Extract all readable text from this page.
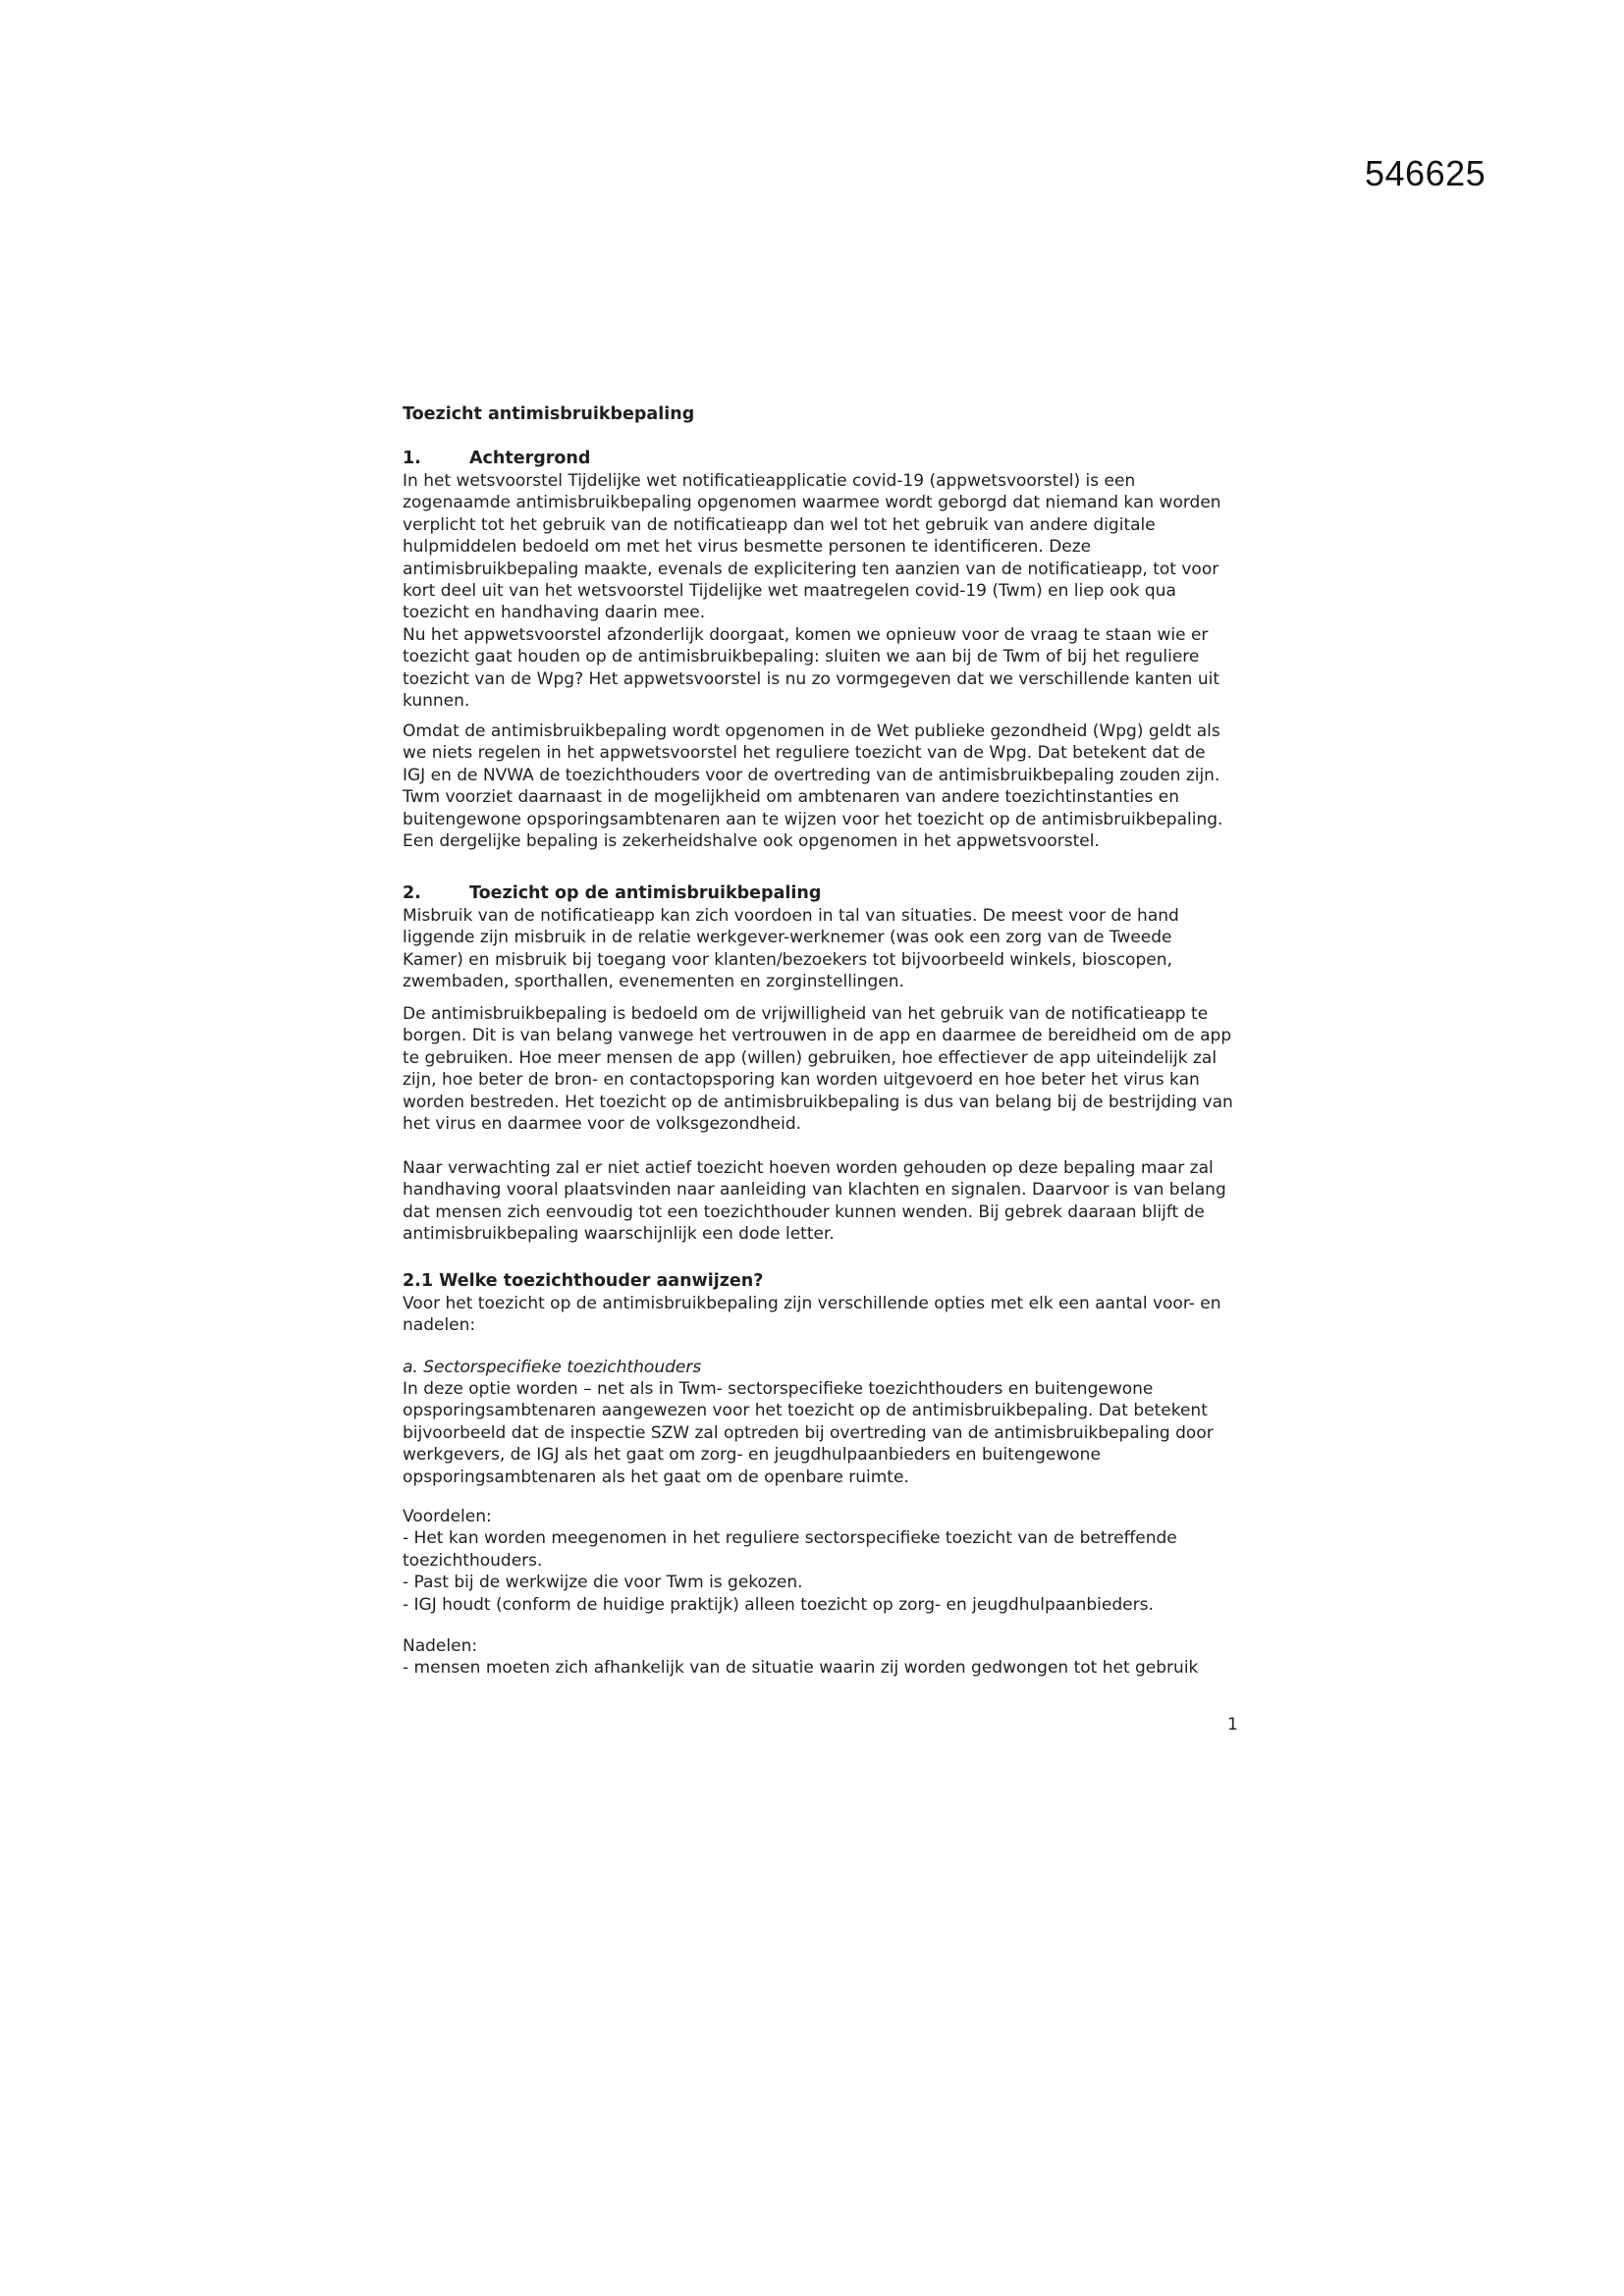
546625
Toezicht antimisbruikbepaling
1.	Achtergrond
In het wetsvoorstel Tijdelijke wet notificatieapplicatie covid-19 (appwetsvoorstel) is een
zogenaamde antimisbruikbepaling opgenomen waarmee wordt geborgd dat niemand kan worden
verplicht tot het gebruik van de notificatieapp dan wel tot het gebruik van andere digitale
hulpmiddelen bedoeld om met het virus besmette personen te identificeren. Deze
antimisbruikbepaling maakte, evenals de explicitering ten aanzien van de notificatieapp, tot voor
kort deel uit van het wetsvoorstel Tijdelijke wet maatregelen covid-19 (Twm) en liep ook qua
toezicht en handhaving daarin mee.
Nu het appwetsvoorstel afzonderlijk doorgaat, komen we opnieuw voor de vraag te staan wie er
toezicht gaat houden op de antimisbruikbepaling: sluiten we aan bij de Twm of bij het reguliere
toezicht van de Wpg? Het appwetsvoorstel is nu zo vormgegeven dat we verschillende kanten uit
kunnen.
Omdat de antimisbruikbepaling wordt opgenomen in de Wet publieke gezondheid (Wpg) geldt als
we niets regelen in het appwetsvoorstel het reguliere toezicht van de Wpg. Dat betekent dat de
IGJ en de NVWA de toezichthouders voor de overtreding van de antimisbruikbepaling zouden zijn.
Twm voorziet daarnaast in de mogelijkheid om ambtenaren van andere toezichtinstanties en
buitengewone opsporingsambtenaren aan te wijzen voor het toezicht op de antimisbruikbepaling.
Een dergelijke bepaling is zekerheidshalve ook opgenomen in het appwetsvoorstel.
2.	Toezicht op de antimisbruikbepaling
Misbruik van de notificatieapp kan zich voordoen in tal van situaties. De meest voor de hand
liggende zijn misbruik in de relatie werkgever-werknemer (was ook een zorg van de Tweede
Kamer) en misbruik bij toegang voor klanten/bezoekers tot bijvoorbeeld winkels, bioscopen,
zwembaden, sporthallen, evenementen en zorginstellingen.
De antimisbruikbepaling is bedoeld om de vrijwilligheid van het gebruik van de notificatieapp te
borgen. Dit is van belang vanwege het vertrouwen in de app en daarmee de bereidheid om de app
te gebruiken. Hoe meer mensen de app (willen) gebruiken, hoe effectiever de app uiteindelijk zal
zijn, hoe beter de bron- en contactopsporing kan worden uitgevoerd en hoe beter het virus kan
worden bestreden. Het toezicht op de antimisbruikbepaling is dus van belang bij de bestrijding van
het virus en daarmee voor de volksgezondheid.
Naar verwachting zal er niet actief toezicht hoeven worden gehouden op deze bepaling maar zal
handhaving vooral plaatsvinden naar aanleiding van klachten en signalen. Daarvoor is van belang
dat mensen zich eenvoudig tot een toezichthouder kunnen wenden. Bij gebrek daaraan blijft de
antimisbruikbepaling waarschijnlijk een dode letter.
2.1 Welke toezichthouder aanwijzen?
Voor het toezicht op de antimisbruikbepaling zijn verschillende opties met elk een aantal voor- en
nadelen:
a. Sectorspecifieke toezichthouders
In deze optie worden – net als in Twm- sectorspecifieke toezichthouders en buitengewone
opsporingsambtenaren aangewezen voor het toezicht op de antimisbruikbepaling. Dat betekent
bijvoorbeeld dat de inspectie SZW zal optreden bij overtreding van de antimisbruikbepaling door
werkgevers, de IGJ als het gaat om zorg- en jeugdhulpaanbieders en buitengewone
opsporingsambtenaren als het gaat om de openbare ruimte.
Voordelen:
- Het kan worden meegenomen in het reguliere sectorspecifieke toezicht van de betreffende
toezichthouders.
- Past bij de werkwijze die voor Twm is gekozen.
- IGJ houdt (conform de huidige praktijk) alleen toezicht op zorg- en jeugdhulpaanbieders.
Nadelen:
- mensen moeten zich afhankelijk van de situatie waarin zij worden gedwongen tot het gebruik
1
